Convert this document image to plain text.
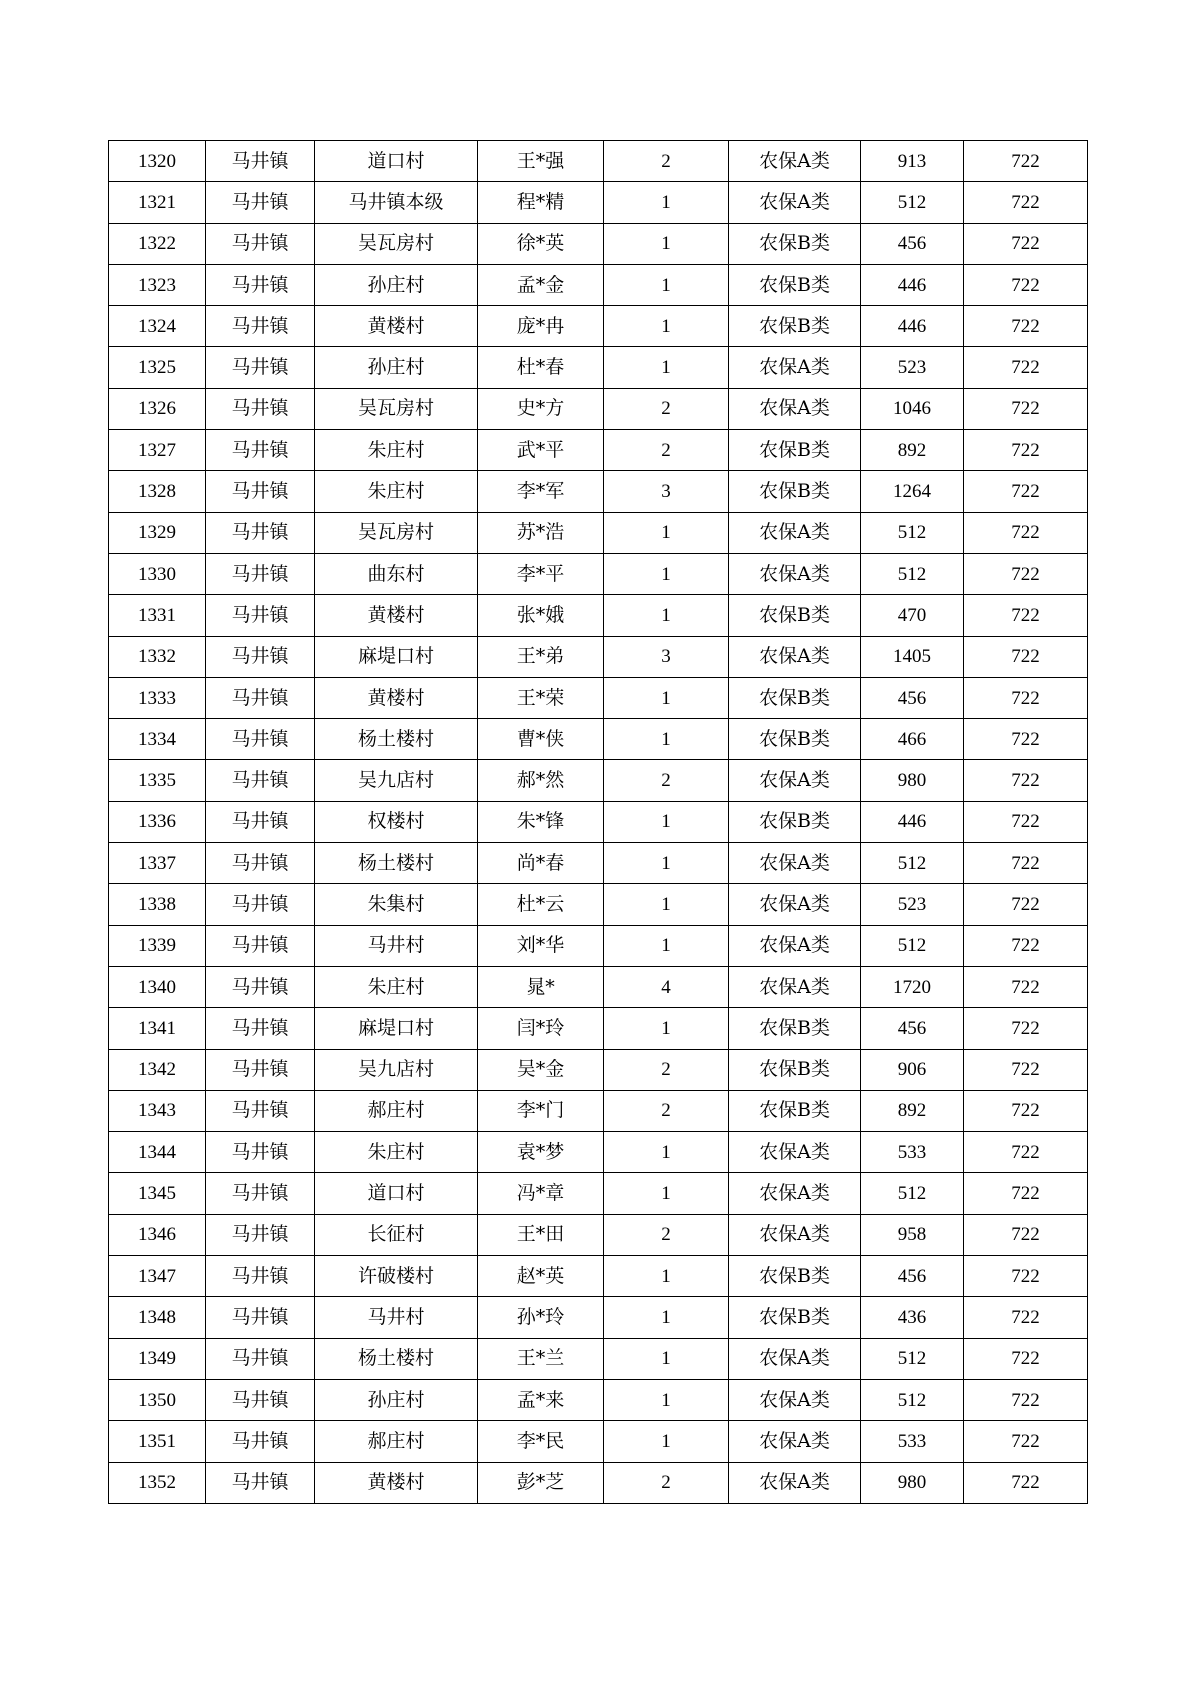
1320	马井镇	道口村	王*强	2	农保A类	913	722
1321	马井镇	马井镇本级	程*精	1	农保A类	512	722
1322	马井镇	吴瓦房村	徐*英	1	农保B类	456	722
1323	马井镇	孙庄村	孟*金	1	农保B类	446	722
1324	马井镇	黄楼村	庞*冉	1	农保B类	446	722
1325	马井镇	孙庄村	杜*春	1	农保A类	523	722
1326	马井镇	吴瓦房村	史*方	2	农保A类	1046	722
1327	马井镇	朱庄村	武*平	2	农保B类	892	722
1328	马井镇	朱庄村	李*军	3	农保B类	1264	722
1329	马井镇	吴瓦房村	苏*浩	1	农保A类	512	722
1330	马井镇	曲东村	李*平	1	农保A类	512	722
1331	马井镇	黄楼村	张*娥	1	农保B类	470	722
1332	马井镇	麻堤口村	王*弟	3	农保A类	1405	722
1333	马井镇	黄楼村	王*荣	1	农保B类	456	722
1334	马井镇	杨土楼村	曹*侠	1	农保B类	466	722
1335	马井镇	吴九店村	郝*然	2	农保A类	980	722
1336	马井镇	权楼村	朱*锋	1	农保B类	446	722
1337	马井镇	杨土楼村	尚*春	1	农保A类	512	722
1338	马井镇	朱集村	杜*云	1	农保A类	523	722
1339	马井镇	马井村	刘*华	1	农保A类	512	722
1340	马井镇	朱庄村	晁*	4	农保A类	1720	722
1341	马井镇	麻堤口村	闫*玲	1	农保B类	456	722
1342	马井镇	吴九店村	吴*金	2	农保B类	906	722
1343	马井镇	郝庄村	李*门	2	农保B类	892	722
1344	马井镇	朱庄村	袁*梦	1	农保A类	533	722
1345	马井镇	道口村	冯*章	1	农保A类	512	722
1346	马井镇	长征村	王*田	2	农保A类	958	722
1347	马井镇	许破楼村	赵*英	1	农保B类	456	722
1348	马井镇	马井村	孙*玲	1	农保B类	436	722
1349	马井镇	杨土楼村	王*兰	1	农保A类	512	722
1350	马井镇	孙庄村	孟*来	1	农保A类	512	722
1351	马井镇	郝庄村	李*民	1	农保A类	533	722
1352	马井镇	黄楼村	彭*芝	2	农保A类	980	722
